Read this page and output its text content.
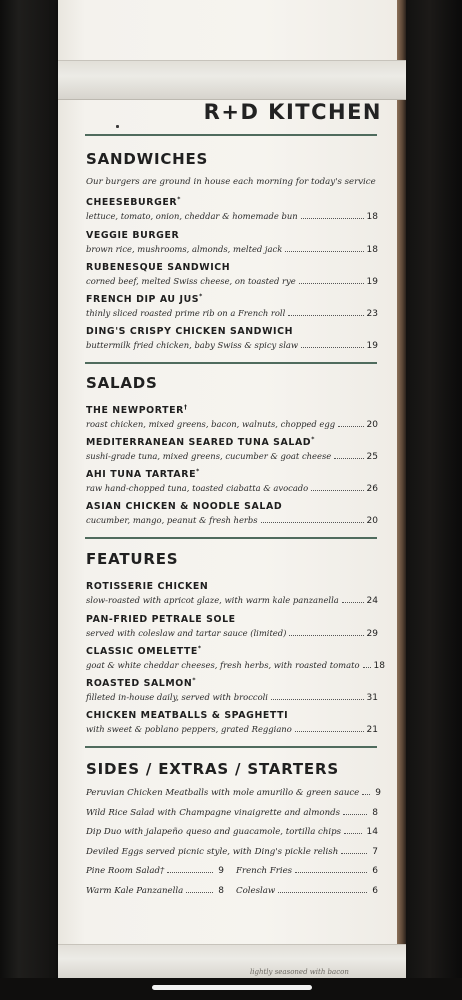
R+D KITCHEN
SANDWICHES
Our burgers are ground in house each morning for today's service
CHEESEBURGER*
lettuce, tomato, onion, cheddar & homemade bun	18
VEGGIE BURGER
brown rice, mushrooms, almonds, melted jack	18
RUBENESQUE SANDWICH
corned beef, melted Swiss cheese, on toasted rye	19
FRENCH DIP AU JUS*
thinly sliced roasted prime rib on a French roll	23
DING'S CRISPY CHICKEN SANDWICH
buttermilk fried chicken, baby Swiss & spicy slaw	19
SALADS
THE NEWPORTER†
roast chicken, mixed greens, bacon, walnuts, chopped egg	20
MEDITERRANEAN SEARED TUNA SALAD*
sushi-grade tuna, mixed greens, cucumber & goat cheese	25
AHI TUNA TARTARE*
raw hand-chopped tuna, toasted ciabatta & avocado	26
ASIAN CHICKEN & NOODLE SALAD
cucumber, mango, peanut & fresh herbs	20
FEATURES
ROTISSERIE CHICKEN
slow-roasted with apricot glaze, with warm kale panzanella	24
PAN-FRIED PETRALE SOLE
served with coleslaw and tartar sauce (limited)	29
CLASSIC OMELETTE*
goat & white cheddar cheeses, fresh herbs, with roasted tomato 18
ROASTED SALMON*
filleted in-house daily, served with broccoli	31
CHICKEN MEATBALLS & SPAGHETTI
with sweet & poblano peppers, grated Reggiano	21
SIDES / EXTRAS / STARTERS
Peruvian Chicken Meatballs with mole amurillo & green sauce 9
Wild Rice Salad with Champagne vinaigrette and almonds	8
Dip Duo with jalapeño queso and guacamole, tortilla chips	14
Deviled Eggs served picnic style, with Ding's pickle relish	7
Pine Room Salad†	9 French Fries	6
Warm Kale Panzanella	8 Coleslaw	6
lightly seasoned with bacon
